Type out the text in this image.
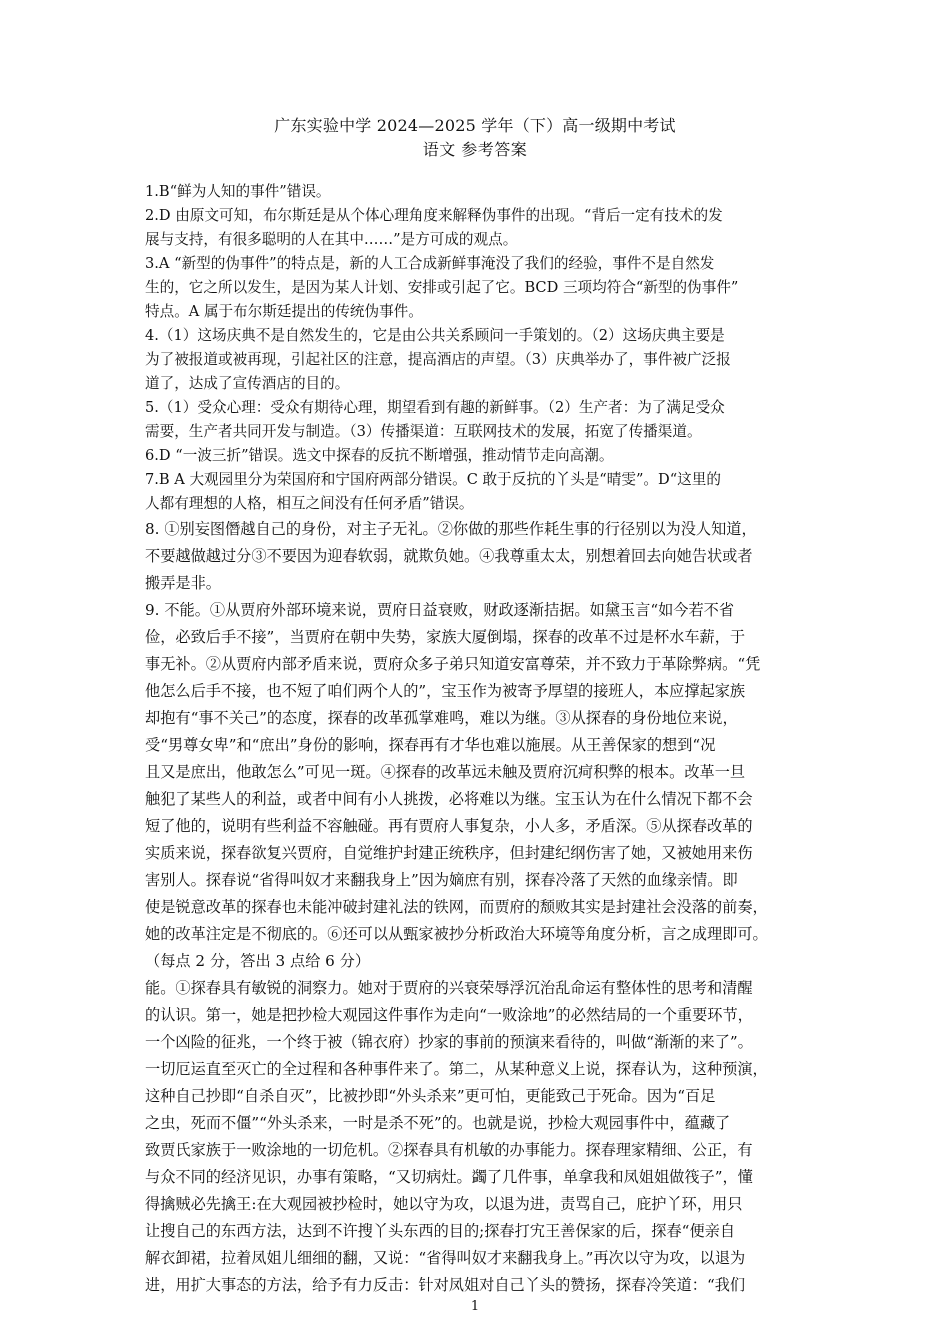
广东实验中学 2024—2025 学年（下）高一级期中考试
语文 参考答案
1.B“鲜为人知的事件”错误。
2.D 由原文可知，布尔斯廷是从个体心理角度来解释伪事件的出现。“背后一定有技术的发
展与支持，有很多聪明的人在其中……”是方可成的观点。
3.A “新型的伪事件”的特点是，新的人工合成新鲜事淹没了我们的经验，事件不是自然发
生的，它之所以发生，是因为某人计划、安排或引起了它。BCD 三项均符合“新型的伪事件”
特点。A 属于布尔斯廷提出的传统伪事件。
4.（1）这场庆典不是自然发生的，它是由公共关系顾问一手策划的。（2）这场庆典主要是
为了被报道或被再现，引起社区的注意，提高酒店的声望。（3）庆典举办了，事件被广泛报
道了，达成了宣传酒店的目的。
5.（1）受众心理：受众有期待心理，期望看到有趣的新鲜事。（2）生产者：为了满足受众
需要，生产者共同开发与制造。（3）传播渠道：互联网技术的发展，拓宽了传播渠道。
6.D “一波三折”错误。选文中探春的反抗不断增强，推动情节走向高潮。
7.B A 大观园里分为荣国府和宁国府两部分错误。C 敢于反抗的丫头是“晴雯”。D“这里的
人都有理想的人格，相互之间没有任何矛盾”错误。
8. ①别妄图僭越自己的身份，对主子无礼。②你做的那些作耗生事的行径别以为没人知道，
不要越做越过分③不要因为迎春软弱，就欺负她。④我尊重太太，别想着回去向她告状或者
搬弄是非。
9. 不能。①从贾府外部环境来说，贾府日益衰败，财政逐渐拮据。如黛玉言“如今若不省
俭，必致后手不接”，当贾府在朝中失势，家族大厦倒塌，探春的改革不过是杯水车薪，于
事无补。②从贾府内部矛盾来说，贾府众多子弟只知道安富尊荣，并不致力于革除弊病。“凭
他怎么后手不接，也不短了咱们两个人的”，宝玉作为被寄予厚望的接班人，本应撑起家族
却抱有“事不关己”的态度，探春的改革孤掌难鸣，难以为继。③从探春的身份地位来说，
受“男尊女卑”和“庶出”身份的影响，探春再有才华也难以施展。从王善保家的想到“况
且又是庶出，他敢怎么”可见一斑。④探春的改革远未触及贾府沉疴积弊的根本。改革一旦
触犯了某些人的利益，或者中间有小人挑拨，必将难以为继。宝玉认为在什么情况下都不会
短了他的，说明有些利益不容触碰。再有贾府人事复杂，小人多，矛盾深。⑤从探春改革的
实质来说，探春欲复兴贾府，自觉维护封建正统秩序，但封建纪纲伤害了她，又被她用来伤
害别人。探春说“省得叫奴才来翻我身上”因为嫡庶有别，探春冷落了天然的血缘亲情。即
使是锐意改革的探春也未能冲破封建礼法的铁网，而贾府的颓败其实是封建社会没落的前奏，
她的改革注定是不彻底的。⑥还可以从甄家被抄分析政治大环境等角度分析，言之成理即可。
（每点 2 分，答出 3 点给 6 分）
能。①探春具有敏锐的洞察力。她对于贾府的兴衰荣辱浮沉治乱命运有整体性的思考和清醒
的认识。第一，她是把抄检大观园这件事作为走向“一败涂地”的必然结局的一个重要环节，
一个凶险的征兆，一个终于被（锦衣府）抄家的事前的预演来看待的，叫做“渐渐的来了”。
一切厄运直至灭亡的全过程和各种事件来了。第二，从某种意义上说，探春认为，这种预演，
这种自己抄即“自杀自灭”，比被抄即“外头杀来”更可怕，更能致己于死命。因为“百足
之虫，死而不僵”“外头杀来，一时是杀不死”的。也就是说，抄检大观园事件中，蕴藏了
致贾氏家族于一败涂地的一切危机。②探春具有机敏的办事能力。探春理家精细、公正，有
与众不同的经济见识，办事有策略，“又切病灶。蠲了几件事，单拿我和凤姐姐做筏子”，懂
得擒贼必先擒王:在大观园被抄检时，她以守为攻，以退为进，责骂自己，庇护丫环，用只
让搜自己的东西方法，达到不许搜丫头东西的目的;探春打宄王善保家的后，探春“便亲自
解衣卸裙，拉着凤姐儿细细的翻，又说：“省得叫奴才来翻我身上。”再次以守为攻，以退为
进，用扩大事态的方法，给予有力反击：针对凤姐对自己丫头的赞扬，探春冷笑道：“我们
1
